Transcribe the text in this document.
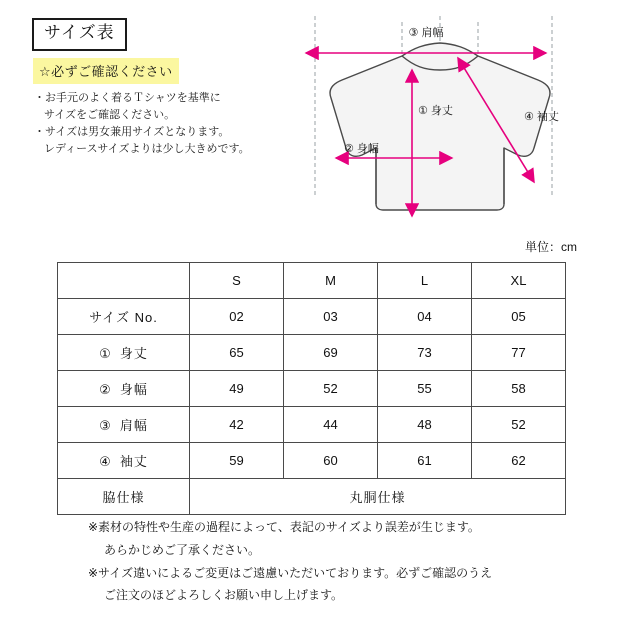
サイズ表
☆必ずご確認ください
・お手元のよく着るＴシャツを基準に
サイズをご確認ください。
・サイズは男女兼用サイズとなります。
レディースサイズよりは少し大きめです。
③ 肩幅
① 身丈
② 身幅
④ 袖丈
単位：cm
	S	M	L	XL
サイズ No.	02	03	04	05
① 身丈	65	69	73	77
② 身幅	49	52	55	58
③ 肩幅	42	44	48	52
④ 袖丈	59	60	61	62
脇仕様	丸胴仕様			
※素材の特性や生産の過程によって、表記のサイズより誤差が生じます。
あらかじめご了承ください。
※サイズ違いによるご変更はご遠慮いただいております。必ずご確認のうえ
ご注文のほどよろしくお願い申し上げます。
